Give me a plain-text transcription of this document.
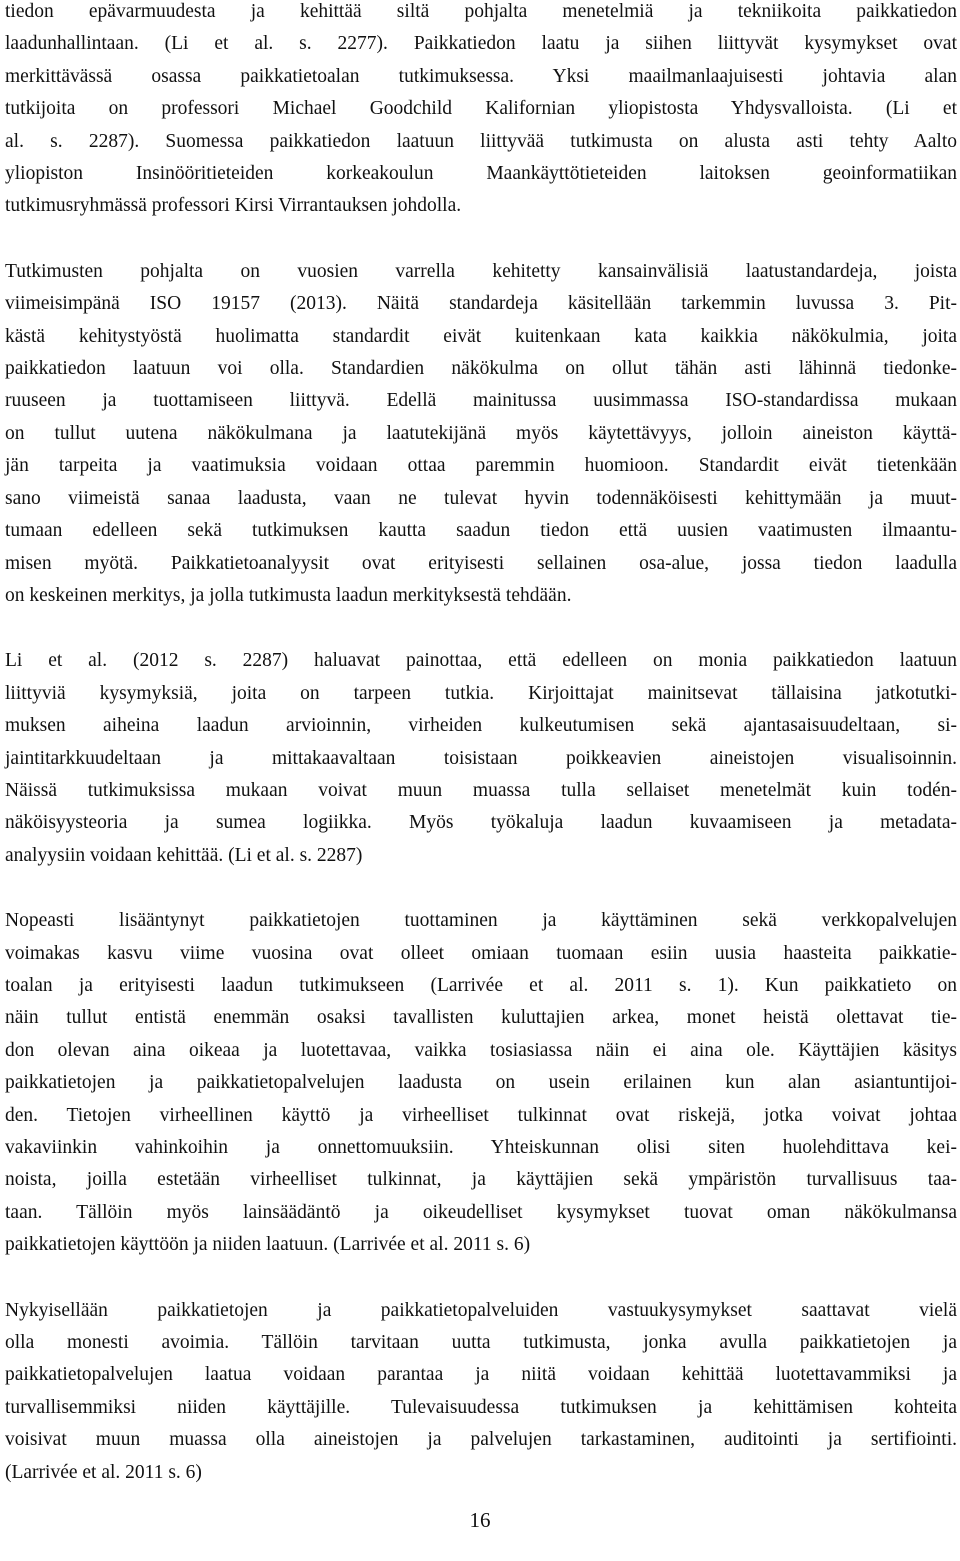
tiedon epävarmuudesta ja kehittää siltä pohjalta menetelmiä ja tekniikoita paikkatiedon
laadunhallintaan. (Li et al. s. 2277). Paikkatiedon laatu ja siihen liittyvät kysymykset ovat
merkittävässä osassa paikkatietoalan tutkimuksessa. Yksi maailmanlaajuisesti johtavia alan
tutkijoita on professori Michael Goodchild Kalifornian yliopistosta Yhdysvalloista. (Li et
al. s. 2287). Suomessa paikkatiedon laatuun liittyvää tutkimusta on alusta asti tehty Aalto
yliopiston Insinööritieteiden korkeakoulun Maankäyttötieteiden laitoksen geoinformatiikan
tutkimusryhmässä professori Kirsi Virrantauksen johdolla.
Tutkimusten pohjalta on vuosien varrella kehitetty kansainvälisiä laatustandardeja, joista
viimeisimpänä ISO 19157 (2013). Näitä standardeja käsitellään tarkemmin luvussa 3. Pit-
kästä kehitystyöstä huolimatta standardit eivät kuitenkaan kata kaikkia näkökulmia, joita
paikkatiedon laatuun voi olla. Standardien näkökulma on ollut tähän asti lähinnä tiedonke-
ruuseen ja tuottamiseen liittyvä. Edellä mainitussa uusimmassa ISO-standardissa mukaan
on tullut uutena näkökulmana ja laatutekijänä myös käytettävyys, jolloin aineiston käyttä-
jän tarpeita ja vaatimuksia voidaan ottaa paremmin huomioon. Standardit eivät tietenkään
sano viimeistä sanaa laadusta, vaan ne tulevat hyvin todennäköisesti kehittymään ja muut-
tumaan edelleen sekä tutkimuksen kautta saadun tiedon että uusien vaatimusten ilmaantu-
misen myötä. Paikkatietoanalyysit ovat erityisesti sellainen osa-alue, jossa tiedon laadulla
on keskeinen merkitys, ja jolla tutkimusta laadun merkityksestä tehdään.
Li et al. (2012 s. 2287) haluavat painottaa, että edelleen on monia paikkatiedon laatuun
liittyviä kysymyksiä, joita on tarpeen tutkia. Kirjoittajat mainitsevat tällaisina jatkotutki-
muksen aiheina laadun arvioinnin, virheiden kulkeutumisen sekä ajantasaisuudeltaan, si-
jaintitarkkuudeltaan ja mittakaavaltaan toisistaan poikkeavien aineistojen visualisoinnin.
Näissä tutkimuksissa mukaan voivat muun muassa tulla sellaiset menetelmät kuin todén-
näköisyysteoria ja sumea logiikka. Myös työkaluja laadun kuvaamiseen ja metadata-
analyysiin voidaan kehittää. (Li et al. s. 2287)
Nopeasti lisääntynyt paikkatietojen tuottaminen ja käyttäminen sekä verkkopalvelujen
voimakas kasvu viime vuosina ovat olleet omiaan tuomaan esiin uusia haasteita paikkatie-
toalan ja erityisesti laadun tutkimukseen (Larrivée et al. 2011 s. 1). Kun paikkatieto on
näin tullut entistä enemmän osaksi tavallisten kuluttajien arkea, monet heistä olettavat tie-
don olevan aina oikeaa ja luotettavaa, vaikka tosiasiassa näin ei aina ole. Käyttäjien käsitys
paikkatietojen ja paikkatietopalvelujen laadusta on usein erilainen kun alan asiantuntijoi-
den. Tietojen virheellinen käyttö ja virheelliset tulkinnat ovat riskejä, jotka voivat johtaa
vakaviinkin vahinkoihin ja onnettomuuksiin. Yhteiskunnan olisi siten huolehdittava kei-
noista, joilla estetään virheelliset tulkinnat, ja käyttäjien sekä ympäristön turvallisuus taa-
taan. Tällöin myös lainsäädäntö ja oikeudelliset kysymykset tuovat oman näkökulmansa
paikkatietojen käyttöön ja niiden laatuun. (Larrivée et al. 2011 s. 6)
Nykyisellään paikkatietojen ja paikkatietopalveluiden vastuukysymykset saattavat vielä
olla monesti avoimia. Tällöin tarvitaan uutta tutkimusta, jonka avulla paikkatietojen ja
paikkatietopalvelujen laatua voidaan parantaa ja niitä voidaan kehittää luotettavammiksi ja
turvallisemmiksi niiden käyttäjille. Tulevaisuudessa tutkimuksen ja kehittämisen kohteita
voisivat muun muassa olla aineistojen ja palvelujen tarkastaminen, auditointi ja sertifiointi.
(Larrivée et al. 2011 s. 6)
16
